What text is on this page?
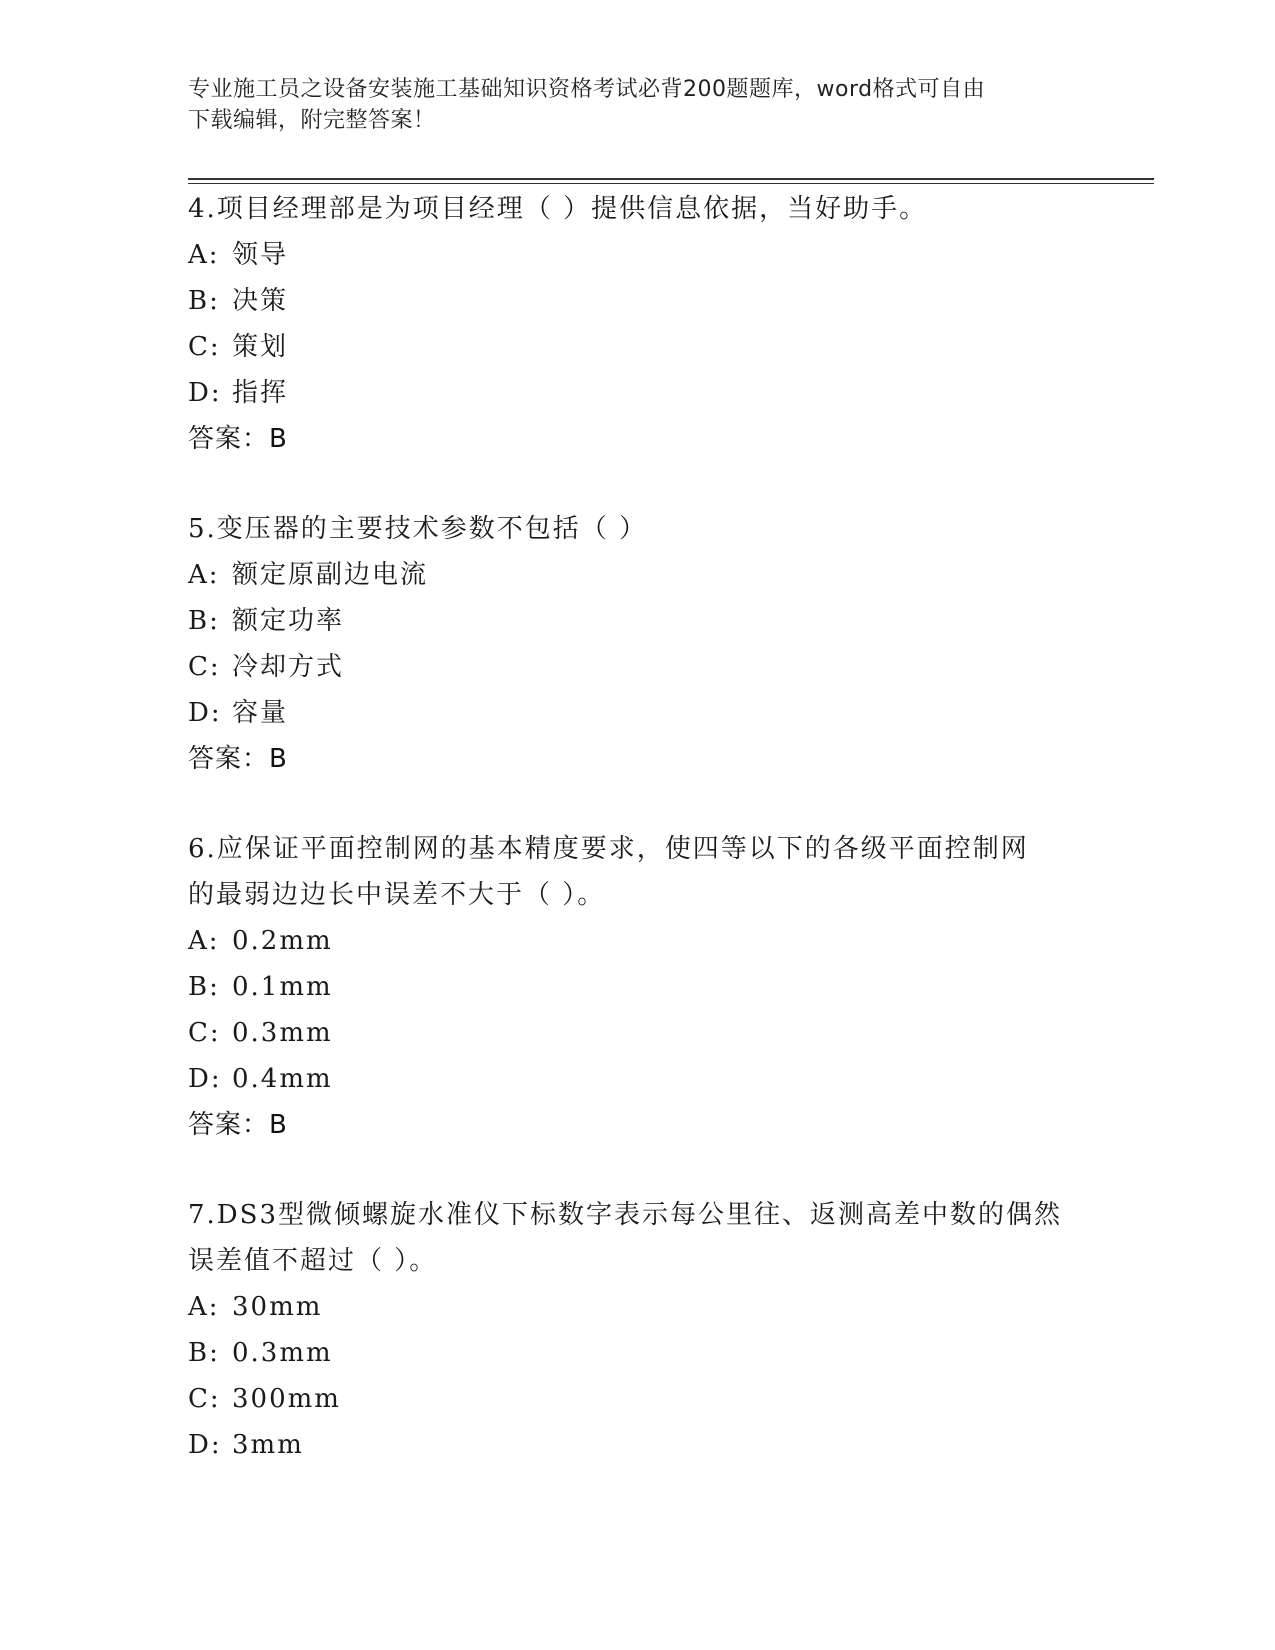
专业施工员之设备安装施工基础知识资格考试必背200题题库，word格式可自由
下载编辑，附完整答案！

4.项目经理部是为项目经理（ ）提供信息依据，当好助手。

A: 领导

B: 决策

C: 策划

D: 指挥

答案：B

5.变压器的主要技术参数不包括（ ）

A: 额定原副边电流

B: 额定功率

C: 冷却方式

D: 容量

答案：B

6.应保证平面控制网的基本精度要求，使四等以下的各级平面控制网

的最弱边边长中误差不大于（ ）。

A: 0.2mm

B: 0.1mm

C: 0.3mm

D: 0.4mm

答案：B

7.DS3型微倾螺旋水准仪下标数字表示每公里往、返测高差中数的偶然

误差值不超过（ ）。

A: 30mm

B: 0.3mm

C: 300mm

D: 3mm
